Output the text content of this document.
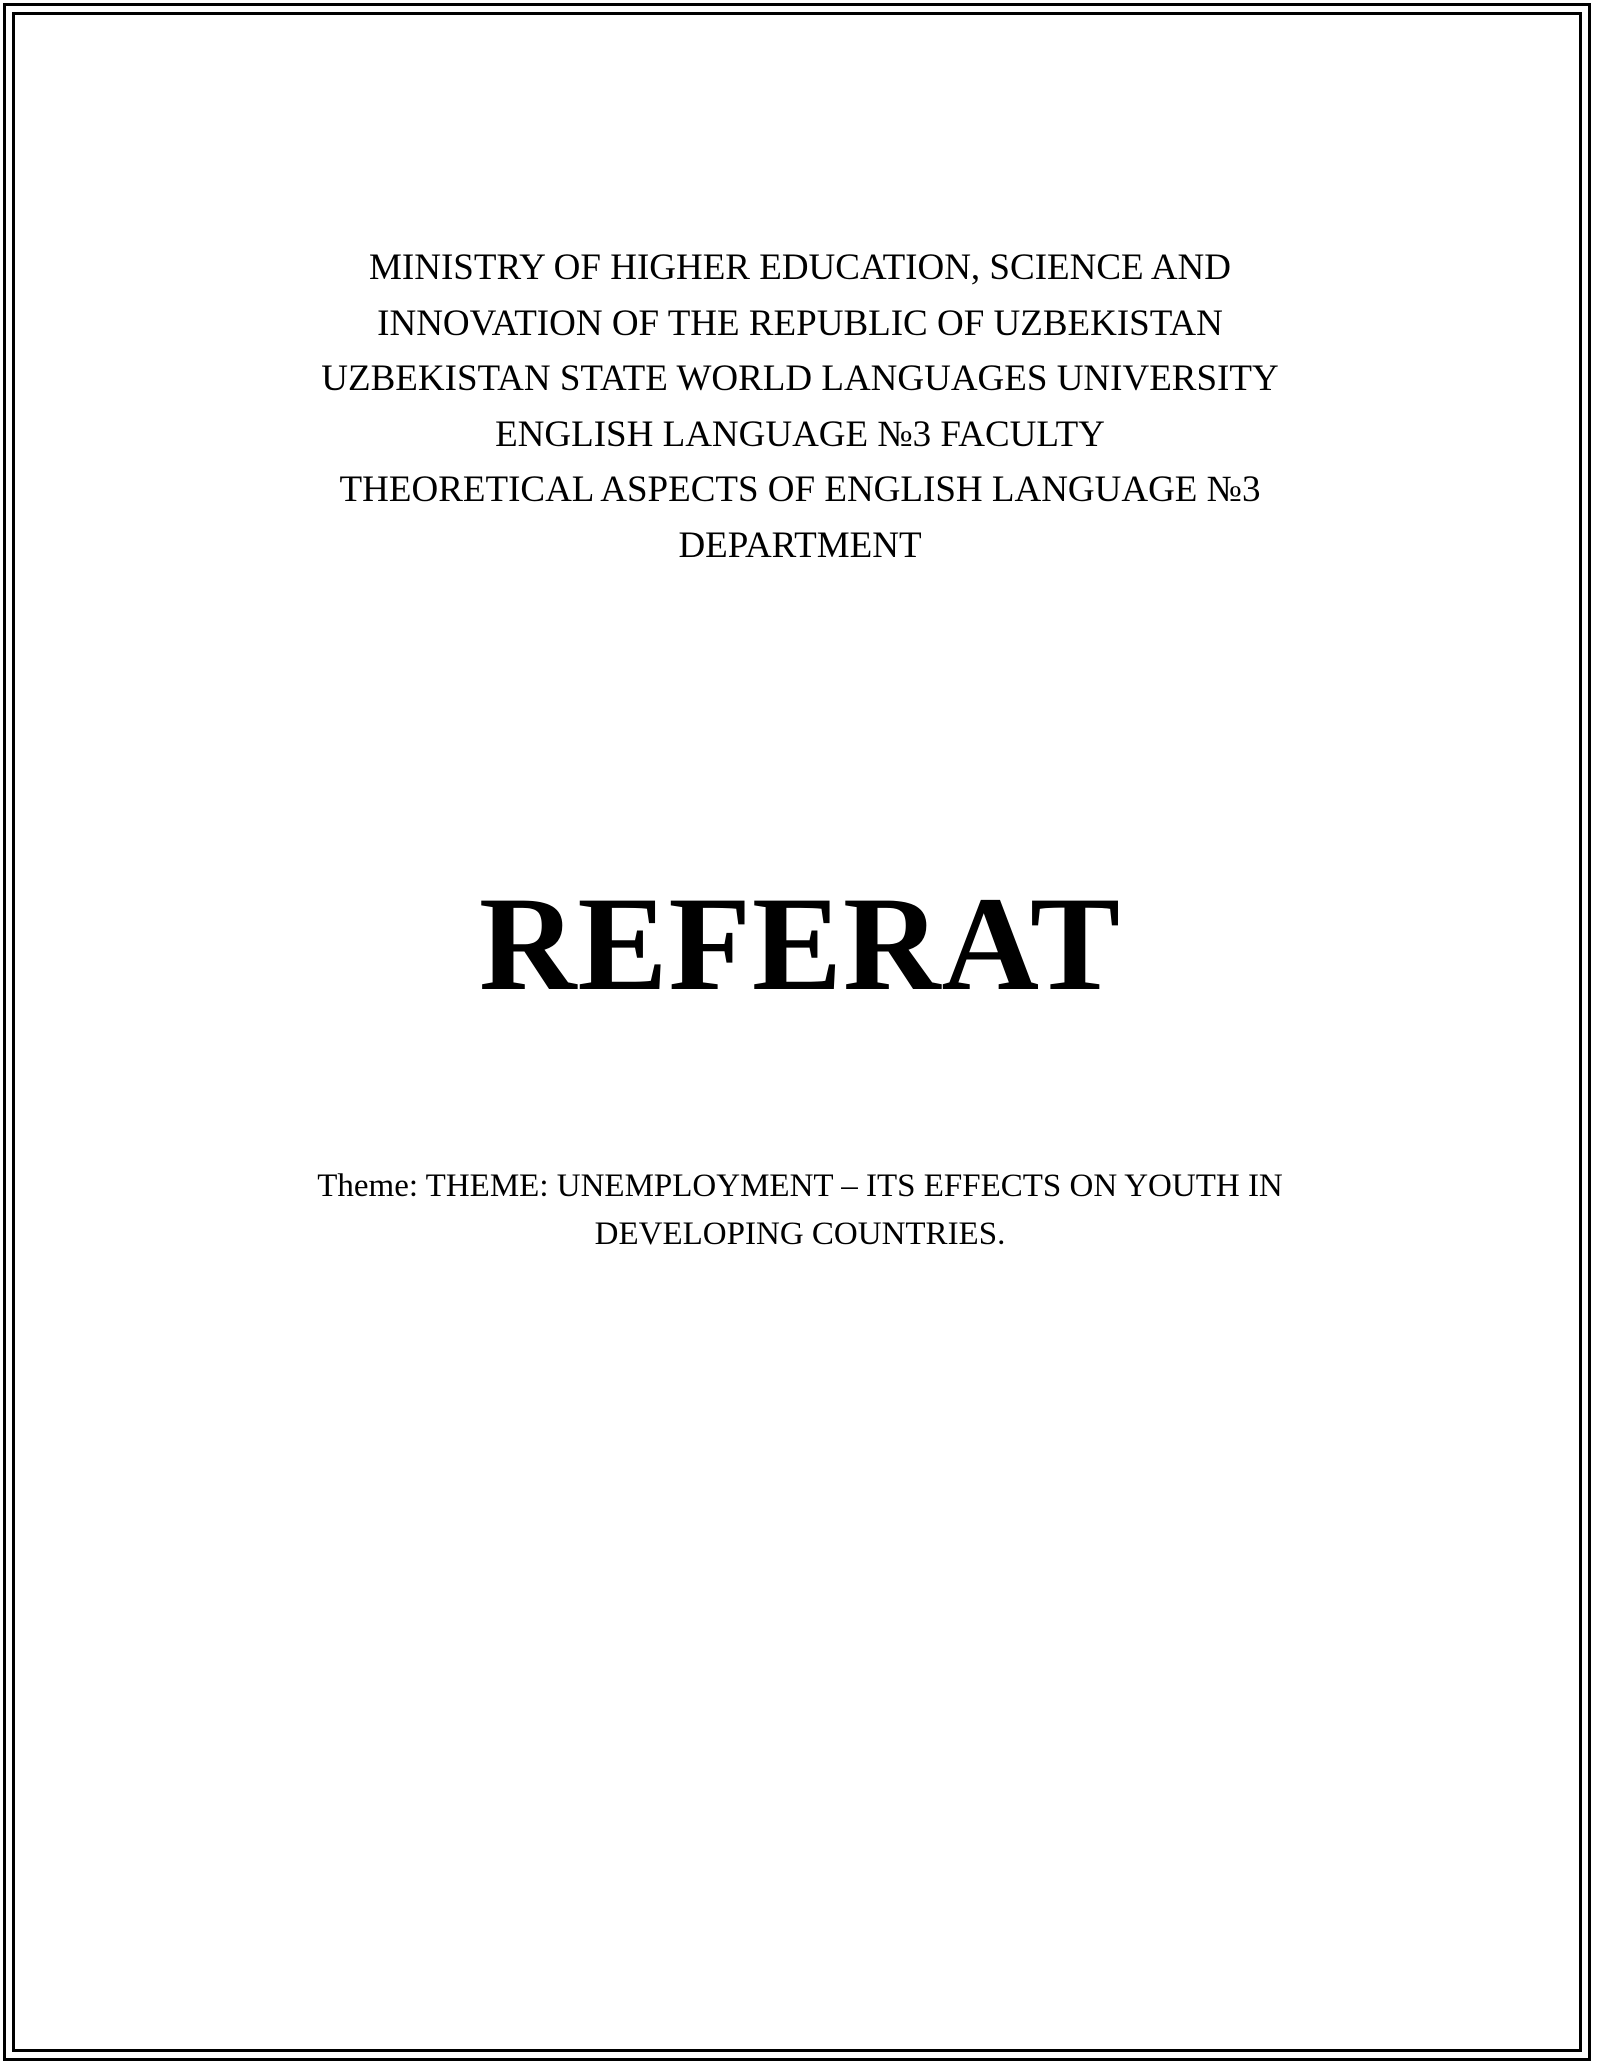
MINISTRY OF HIGHER EDUCATION, SCIENCE AND
INNOVATION OF THE REPUBLIC OF UZBEKISTAN
UZBEKISTAN STATE WORLD LANGUAGES UNIVERSITY
ENGLISH LANGUAGE №3 FACULTY
THEORETICAL ASPECTS OF ENGLISH LANGUAGE №3
DEPARTMENT
REFERAT
Theme: THEME: UNEMPLOYMENT – ITS EFFECTS ON YOUTH IN
DEVELOPING COUNTRIES.
